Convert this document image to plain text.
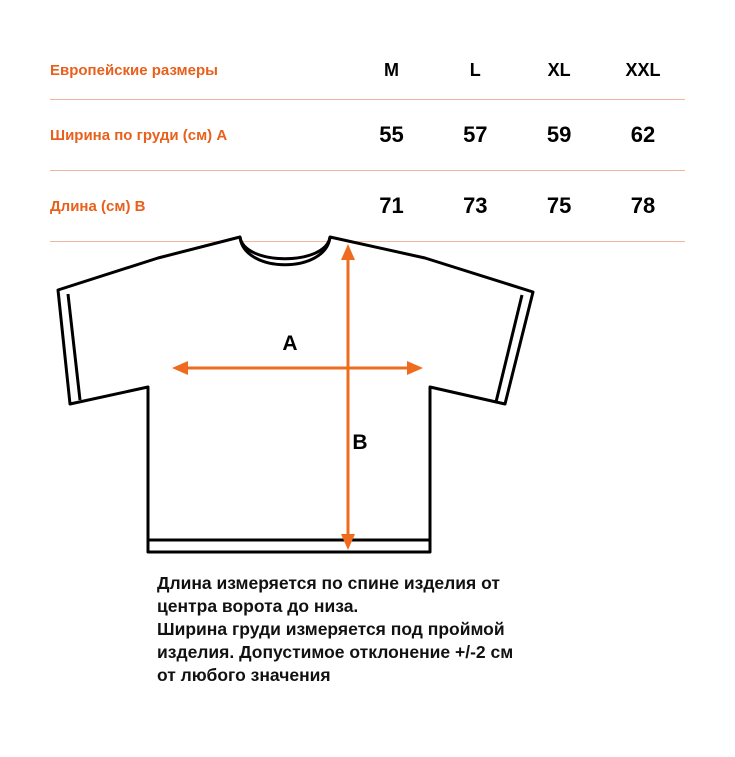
Европейские размеры	M	L	XL	XXL
Ширина по груди (см) A	55	57	59	62
Длина (см) B	71	73	75	78
A
B

Длина измеряется по спине изделия от

центра ворота до низа.

Ширина груди измеряется под проймой

изделия. Допустимое отклонение +/-2 см

от любого значения
